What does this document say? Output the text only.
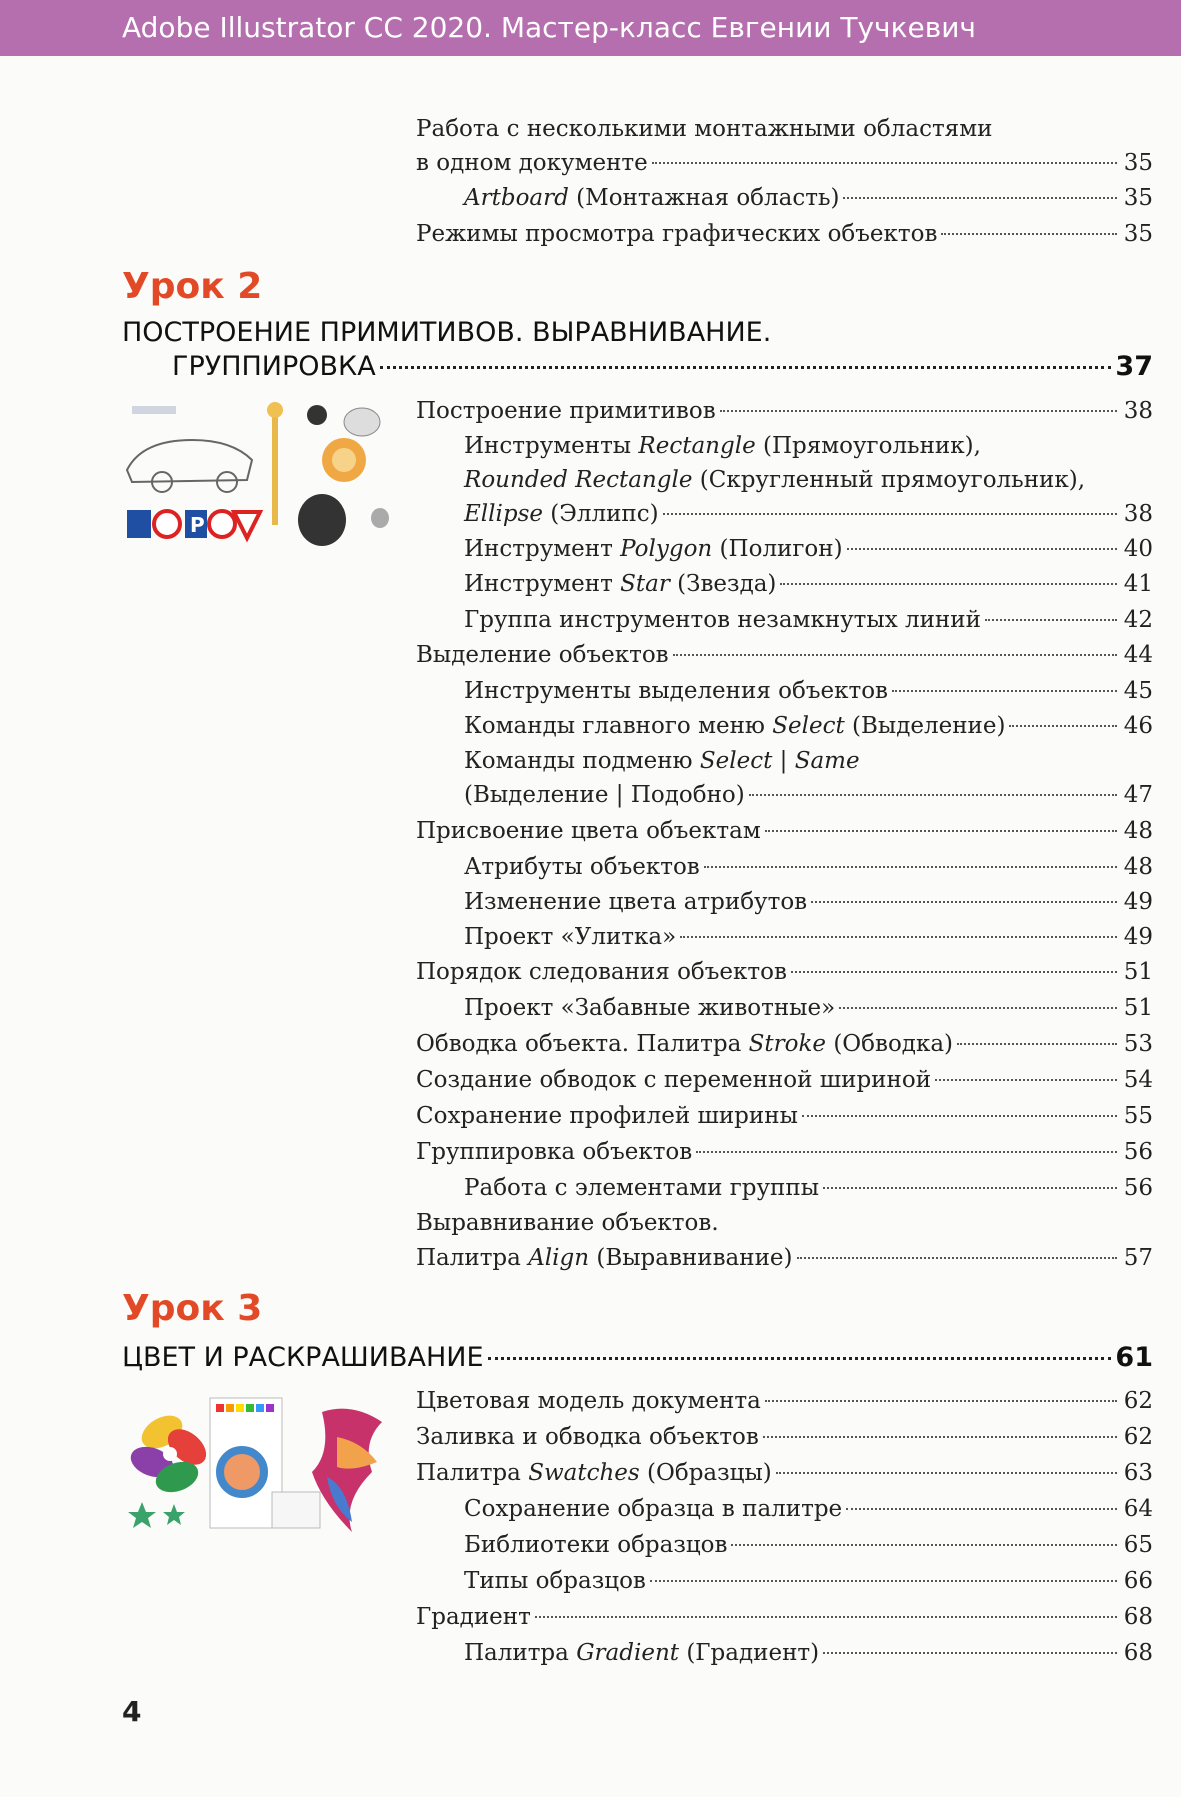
Adobe Illustrator CC 2020. Мастер-класс Евгении Тучкевич
Работа с несколькими монтажными областями
в одном документе	35
Artboard (Монтажная область)	35
Режимы просмотра графических объектов	35
Урок 2
ПОСТРОЕНИЕ ПРИМИТИВОВ. ВЫРАВНИВАНИЕ.
ГРУППИРОВКА	37
P
Построение примитивов	38
Инструменты Rectangle (Прямоугольник),
Rounded Rectangle (Скругленный прямоугольник),
Ellipse (Эллипс)	38
Инструмент Polygon (Полигон)	40
Инструмент Star (Звезда)	41
Группа инструментов незамкнутых линий	42
Выделение объектов	44
Инструменты выделения объектов	45
Команды главного меню Select (Выделение)	46
Команды подменю Select | Same
(Выделение | Подобно)	47
Присвоение цвета объектам	48
Атрибуты объектов	48
Изменение цвета атрибутов	49
Проект «Улитка»	49
Порядок следования объектов	51
Проект «Забавные животные»	51
Обводка объекта. Палитра Stroke (Обводка)	53
Создание обводок с переменной шириной	54
Сохранение профилей ширины	55
Группировка объектов	56
Работа с элементами группы	56
Выравнивание объектов.
Палитра Align (Выравнивание)	57
Урок 3
ЦВЕТ И РАСКРАШИВАНИЕ	61
Цветовая модель документа	62
Заливка и обводка объектов	62
Палитра Swatches (Образцы)	63
Сохранение образца в палитре	64
Библиотеки образцов	65
Типы образцов	66
Градиент	68
Палитра Gradient (Градиент)	68
4
